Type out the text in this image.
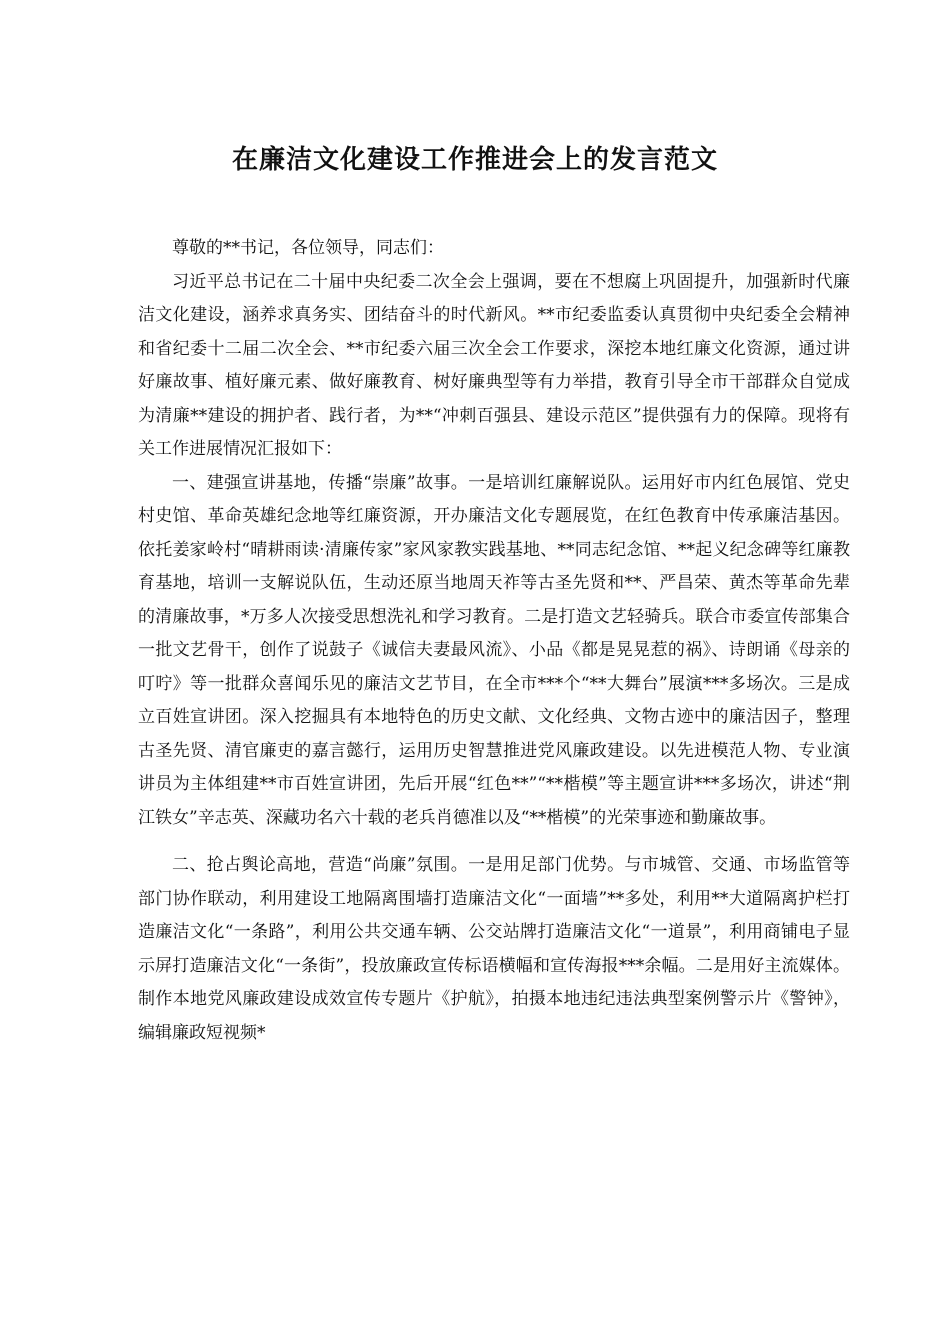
在廉洁文化建设工作推进会上的发言范文

尊敬的**书记，各位领导，同志们：

习近平总书记在二十届中央纪委二次全会上强调，要在不想腐上巩固提升，加强新时代廉洁文化建设，涵养求真务实、团结奋斗的时代新风。**市纪委监委认真贯彻中央纪委全会精神和省纪委十二届二次全会、**市纪委六届三次全会工作要求，深挖本地红廉文化资源，通过讲好廉故事、植好廉元素、做好廉教育、树好廉典型等有力举措，教育引导全市干部群众自觉成为清廉**建设的拥护者、践行者，为**“冲刺百强县、建设示范区”提供强有力的保障。现将有关工作进展情况汇报如下：

一、建强宣讲基地，传播“崇廉”故事。一是培训红廉解说队。运用好市内红色展馆、党史村史馆、革命英雄纪念地等红廉资源，开办廉洁文化专题展览，在红色教育中传承廉洁基因。依托姜家岭村“晴耕雨读·清廉传家”家风家教实践基地、**同志纪念馆、**起义纪念碑等红廉教育基地，培训一支解说队伍，生动还原当地周天祚等古圣先贤和**、严昌荣、黄杰等革命先辈的清廉故事，*万多人次接受思想洗礼和学习教育。二是打造文艺轻骑兵。联合市委宣传部集合一批文艺骨干，创作了说鼓子《诚信夫妻最风流》、小品《都是晃晃惹的祸》、诗朗诵《母亲的叮咛》等一批群众喜闻乐见的廉洁文艺节目，在全市***个“**大舞台”展演***多场次。三是成立百姓宣讲团。深入挖掘具有本地特色的历史文献、文化经典、文物古迹中的廉洁因子，整理古圣先贤、清官廉吏的嘉言懿行，运用历史智慧推进党风廉政建设。以先进模范人物、专业演讲员为主体组建**市百姓宣讲团，先后开展“红色**”“**楷模”等主题宣讲***多场次，讲述“荆江铁女”辛志英、深藏功名六十载的老兵肖德准以及“**楷模”的光荣事迹和勤廉故事。

二、抢占舆论高地，营造“尚廉”氛围。一是用足部门优势。与市城管、交通、市场监管等部门协作联动，利用建设工地隔离围墙打造廉洁文化“一面墙”**多处，利用**大道隔离护栏打造廉洁文化“一条路”，利用公共交通车辆、公交站牌打造廉洁文化“一道景”，利用商铺电子显示屏打造廉洁文化“一条街”，投放廉政宣传标语横幅和宣传海报***余幅。二是用好主流媒体。制作本地党风廉政建设成效宣传专题片《护航》，拍摄本地违纪违法典型案例警示片《警钟》，编辑廉政短视频*
